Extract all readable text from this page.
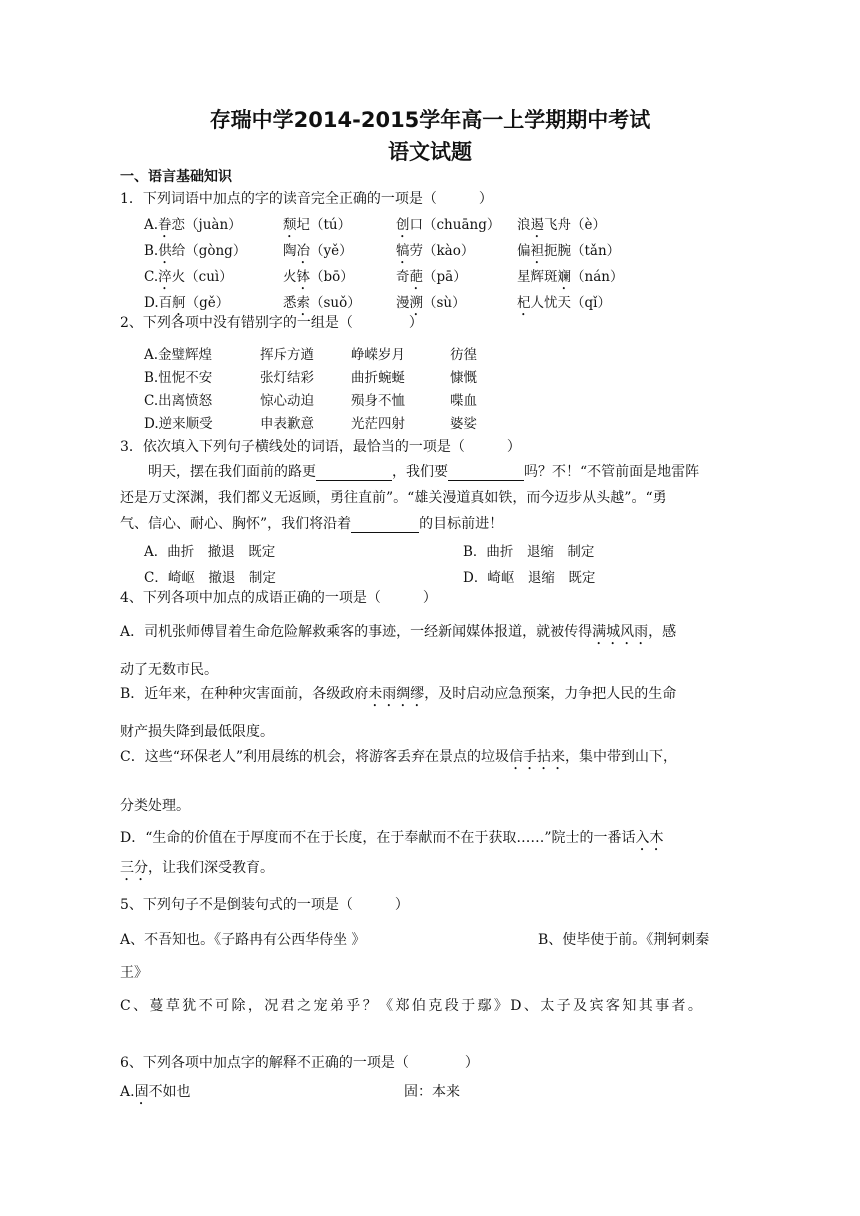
存瑞中学2014-2015学年高一上学期期中考试
语文试题
一、语言基础知识
1．下列词语中加点的字的读音完全正确的一项是（　　　）
A.眷恋（juàn）	颓圮（tú）	创口（chuāng） 浪遏飞舟（è）
B.供给（gòng）	陶冶（yě）	犒劳（kào）	偏袒扼腕（tǎn）
C.淬火（cuì）	火钵（bō）	奇葩（pā）	星辉斑斓（nán）
D.百舸（gě）	悉索（suǒ）	漫溯（sù）	杞人忧天（qǐ）
2、下列各项中没有错别字的一组是（　　　　）
A.金璧辉煌	挥斥方遒	峥嵘岁月	彷徨
B.忸怩不安	张灯结彩	曲折蜿蜒	慷慨
C.出离愤怒	惊心动迫	殒身不恤	喋血
D.逆来顺受	申表歉意	光茫四射	婆娑
3．依次填入下列句子横线处的词语，最恰当的一项是（　　　）
明天，摆在我们面前的路更	，我们要	吗？不！“不管前面是地雷阵
还是万丈深渊，我们都义无返顾，勇往直前”。“雄关漫道真如铁，而今迈步从头越”。“勇
气、信心、耐心、胸怀”，我们将沿着	的目标前进！
A．曲折　撤退　既定	B．曲折　退缩　制定
C．崎岖　撤退　制定	D．崎岖　退缩　既定
4、下列各项中加点的成语正确的一项是（　　　）
A．司机张师傅冒着生命危险解救乘客的事迹，一经新闻媒体报道，就被传得满城风雨，感
动了无数市民。
B．近年来，在种种灾害面前，各级政府未雨绸缪，及时启动应急预案，力争把人民的生命
财产损失降到最低限度。
C．这些“环保老人”利用晨练的机会，将游客丢弃在景点的垃圾信手拈来，集中带到山下，
分类处理。
D．“生命的价值在于厚度而不在于长度，在于奉献而不在于获取……”院士的一番话入木
三分，让我们深受教育。
5、下列句子不是倒装句式的一项是（　　　）
A、不吾知也。《子路冉有公西华侍坐 》	B、使毕使于前。《荆轲刺秦
王》
C、蔓草犹不可除，况君之宠弟乎？《郑伯克段于鄢》D、太子及宾客知其事者。
6、下列各项中加点字的解释不正确的一项是（　　　　）
A.固不如也	固：本来
